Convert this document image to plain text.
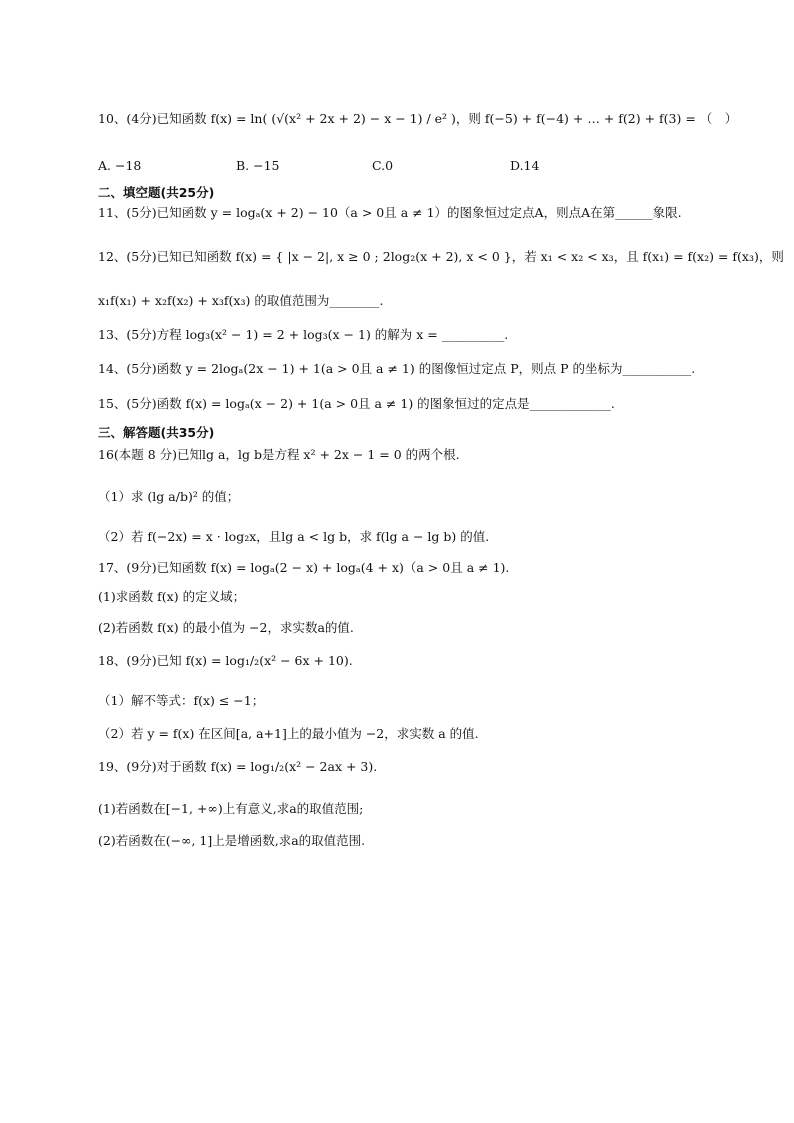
10、(4分)已知函数 f(x) = ln( (√(x² + 2x + 2) − x − 1) / e² )，则 f(−5) + f(−4) + … + f(2) + f(3) = （　）
A. −18	B. −15	C.0	D.14
二、填空题(共25分)
11、(5分)已知函数 y = logₐ(x + 2) − 10（a > 0且 a ≠ 1）的图象恒过定点A，则点A在第______象限.
12、(5分)已知已知函数 f(x) = { |x − 2|, x ≥ 0 ; 2log₂(x + 2), x < 0 }，若 x₁ < x₂ < x₃，且 f(x₁) = f(x₂) = f(x₃)，则
x₁f(x₁) + x₂f(x₂) + x₃f(x₃) 的取值范围为________.
13、(5分)方程 log₃(x² − 1) = 2 + log₃(x − 1) 的解为 x = __________.
14、(5分)函数 y = 2logₐ(2x − 1) + 1(a > 0且 a ≠ 1) 的图像恒过定点 P，则点 P 的坐标为___________.
15、(5分)函数 f(x) = logₐ(x − 2) + 1(a > 0且 a ≠ 1) 的图象恒过的定点是_____________.
三、解答题(共35分)
16(本题 8 分)已知lg a，lg b是方程 x² + 2x − 1 = 0 的两个根.
（1）求 (lg a/b)² 的值；
（2）若 f(−2x) = x · log₂x，且lg a < lg b，求 f(lg a − lg b) 的值.
17、(9分)已知函数 f(x) = logₐ(2 − x) + logₐ(4 + x)（a > 0且 a ≠ 1).
(1)求函数 f(x) 的定义域；
(2)若函数 f(x) 的最小值为 −2，求实数a的值.
18、(9分)已知 f(x) = log₁/₂(x² − 6x + 10).
（1）解不等式：f(x) ≤ −1；
（2）若 y = f(x) 在区间[a, a+1]上的最小值为 −2，求实数 a 的值.
19、(9分)对于函数 f(x) = log₁/₂(x² − 2ax + 3).
(1)若函数在[−1, +∞)上有意义,求a的取值范围;
(2)若函数在(−∞, 1]上是增函数,求a的取值范围.
